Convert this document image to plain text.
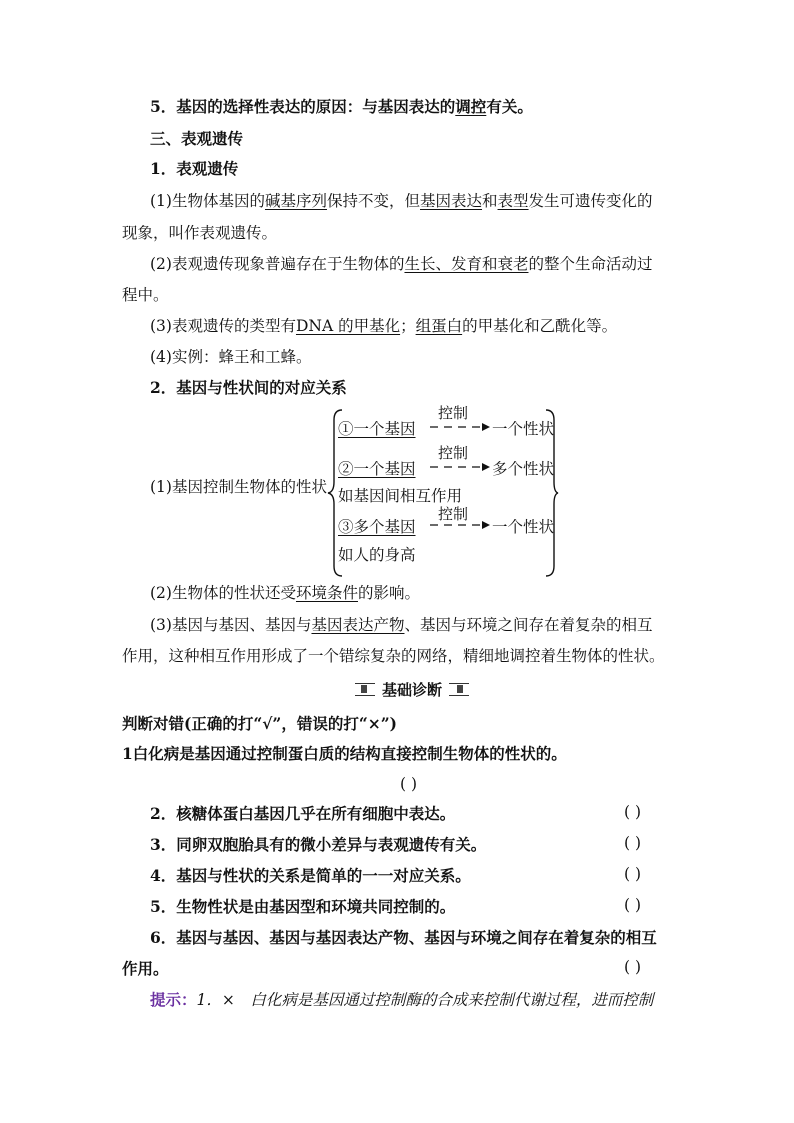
5．基因的选择性表达的原因：与基因表达的调控有关。
三、表观遗传
1．表观遗传
(1)生物体基因的碱基序列保持不变，但基因表达和表型发生可遗传变化的
现象，叫作表观遗传。
(2)表观遗传现象普遍存在于生物体的生长、发育和衰老的整个生命活动过
程中。
(3)表观遗传的类型有DNA 的甲基化；组蛋白的甲基化和乙酰化等。
(4)实例：蜂王和工蜂。
2．基因与性状间的对应关系
(1)基因控制生物体的性状
①一个基因
控制
一个性状
②一个基因
控制
多个性状
如基因间相互作用
③多个基因
控制
一个性状
如人的身高
(2)生物体的性状还受环境条件的影响。
(3)基因与基因、基因与基因表达产物、基因与环境之间存在着复杂的相互
作用，这种相互作用形成了一个错综复杂的网络，精细地调控着生物体的性状。
基础诊断
判断对错(正确的打“√”，错误的打“×”)
1白化病是基因通过控制蛋白质的结构直接控制生物体的性状的。
( )
2．核糖体蛋白基因几乎在所有细胞中表达。	( )
3．同卵双胞胎具有的微小差异与表观遗传有关。	( )
4．基因与性状的关系是简单的一一对应关系。	( )
5．生物性状是由基因型和环境共同控制的。	( )
6．基因与基因、基因与基因表达产物、基因与环境之间存在着复杂的相互
作用。	( )
提示：1．×　白化病是基因通过控制酶的合成来控制代谢过程，进而控制
